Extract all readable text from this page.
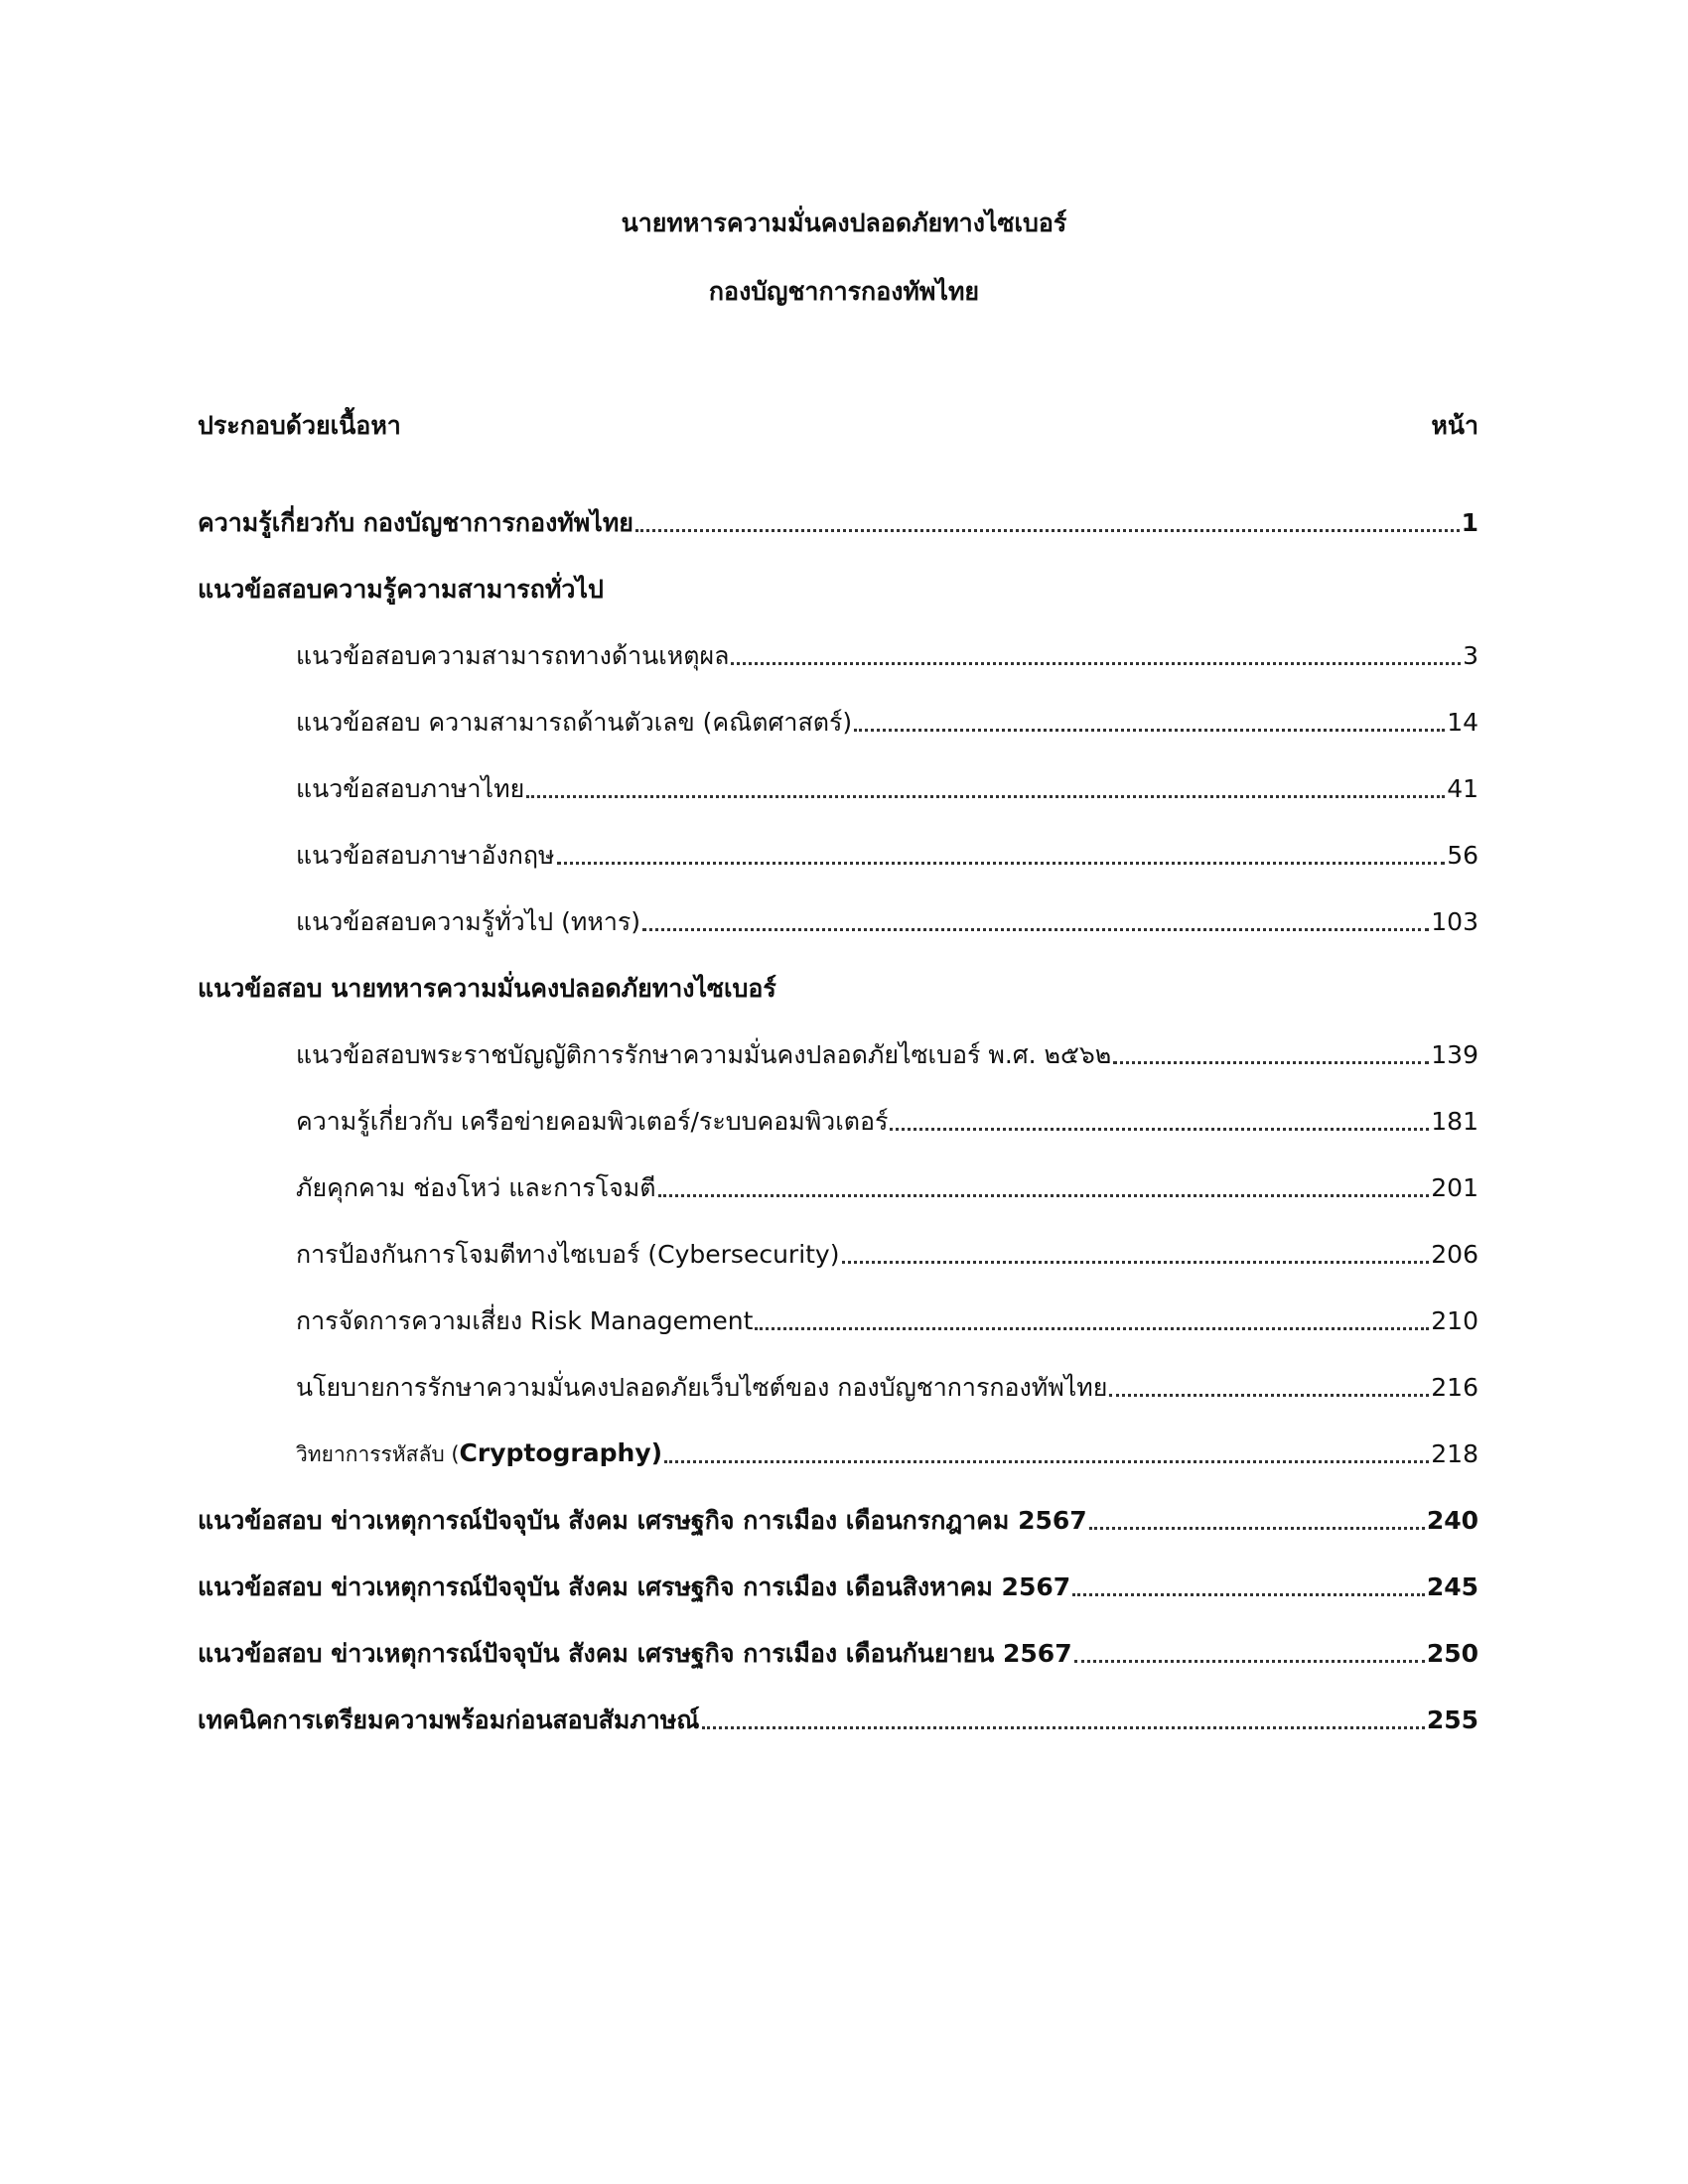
นายทหารความมั่นคงปลอดภัยทางไซเบอร์
กองบัญชาการกองทัพไทย
ประกอบด้วยเนื้อหา	หน้า
ความรู้เกี่ยวกับ กองบัญชาการกองทัพไทย	1
แนวข้อสอบความรู้ความสามารถทั่วไป
แนวข้อสอบความสามารถทางด้านเหตุผล	3
แนวข้อสอบ ความสามารถด้านตัวเลข (คณิตศาสตร์)	14
แนวข้อสอบภาษาไทย	41
แนวข้อสอบภาษาอังกฤษ	56
แนวข้อสอบความรู้ทั่วไป (ทหาร)	103
แนวข้อสอบ นายทหารความมั่นคงปลอดภัยทางไซเบอร์
แนวข้อสอบพระราชบัญญัติการรักษาความมั่นคงปลอดภัยไซเบอร์ พ.ศ. ๒๕๖๒	139
ความรู้เกี่ยวกับ เครือข่ายคอมพิวเตอร์/ระบบคอมพิวเตอร์	181
ภัยคุกคาม ช่องโหว่ และการโจมตี	201
การป้องกันการโจมตีทางไซเบอร์ (Cybersecurity)	206
การจัดการความเสี่ยง Risk Management	210
นโยบายการรักษาความมั่นคงปลอดภัยเว็บไซต์ของ กองบัญชาการกองทัพไทย	216
วิทยาการรหัสลับ (Cryptography)	218
แนวข้อสอบ ข่าวเหตุการณ์ปัจจุบัน สังคม เศรษฐกิจ การเมือง เดือนกรกฎาคม 2567	240
แนวข้อสอบ ข่าวเหตุการณ์ปัจจุบัน สังคม เศรษฐกิจ การเมือง เดือนสิงหาคม 2567	245
แนวข้อสอบ ข่าวเหตุการณ์ปัจจุบัน สังคม เศรษฐกิจ การเมือง เดือนกันยายน 2567	250
เทคนิคการเตรียมความพร้อมก่อนสอบสัมภาษณ์	255
